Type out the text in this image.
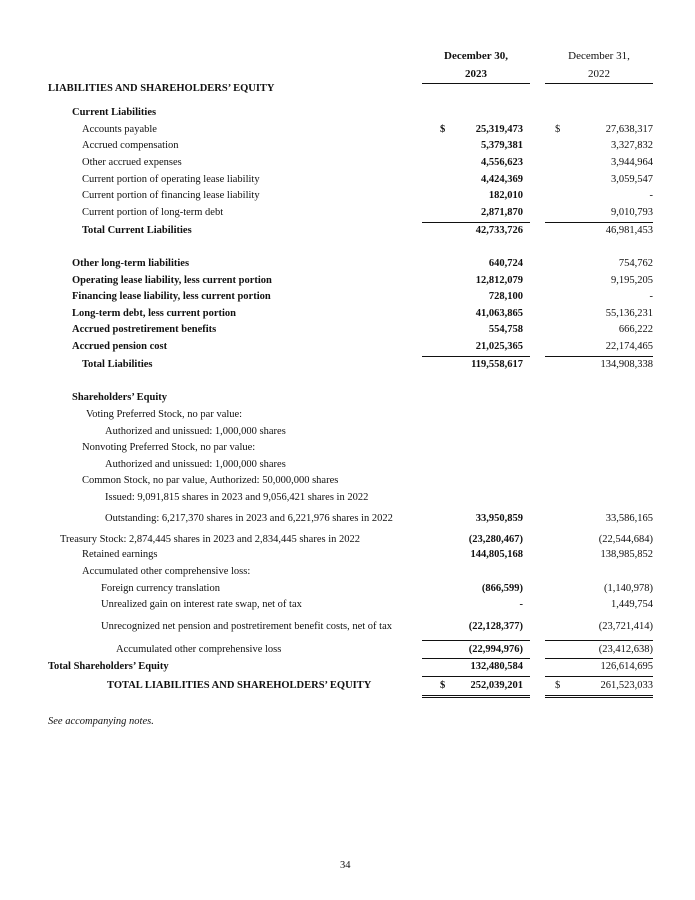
December 30,
2023
December 31,
2022
LIABILITIES AND SHAREHOLDERS’ EQUITY
Current Liabilities
Accounts payable	$	25,319,473	$	27,638,317
Accrued compensation	5,379,381	3,327,832
Other accrued expenses	4,556,623	3,944,964
Current portion of operating lease liability	4,424,369	3,059,547
Current portion of financing lease liability	182,010	-
Current portion of long-term debt	2,871,870	9,010,793
Total Current Liabilities	42,733,726	46,981,453
Other long-term liabilities	640,724	754,762
Operating lease liability, less current portion	12,812,079	9,195,205
Financing lease liability, less current portion	728,100	-
Long-term debt, less current portion	41,063,865	55,136,231
Accrued postretirement benefits	554,758	666,222
Accrued pension cost	21,025,365	22,174,465
Total Liabilities	119,558,617	134,908,338
Shareholders’ Equity
Voting Preferred Stock, no par value:
Authorized and unissued: 1,000,000 shares
Nonvoting Preferred Stock, no par value:
Authorized and unissued: 1,000,000 shares
Common Stock, no par value, Authorized: 50,000,000 shares
Issued: 9,091,815 shares in 2023 and 9,056,421 shares in 2022
Outstanding: 6,217,370 shares in 2023 and 6,221,976 shares in 2022	33,950,859	33,586,165
Treasury Stock: 2,874,445 shares in 2023 and 2,834,445 shares in 2022	(23,280,467)	(22,544,684)
Retained earnings	144,805,168	138,985,852
Accumulated other comprehensive loss:
Foreign currency translation	(866,599)	(1,140,978)
Unrealized gain on interest rate swap, net of tax	-	1,449,754
Unrecognized net pension and postretirement benefit costs, net of tax	(22,128,377)	(23,721,414)
Accumulated other comprehensive loss	(22,994,976)	(23,412,638)
Total Shareholders’ Equity	132,480,584	126,614,695
TOTAL LIABILITIES AND SHAREHOLDERS’ EQUITY	$ 252,039,201	$	261,523,033
See accompanying notes.
34
